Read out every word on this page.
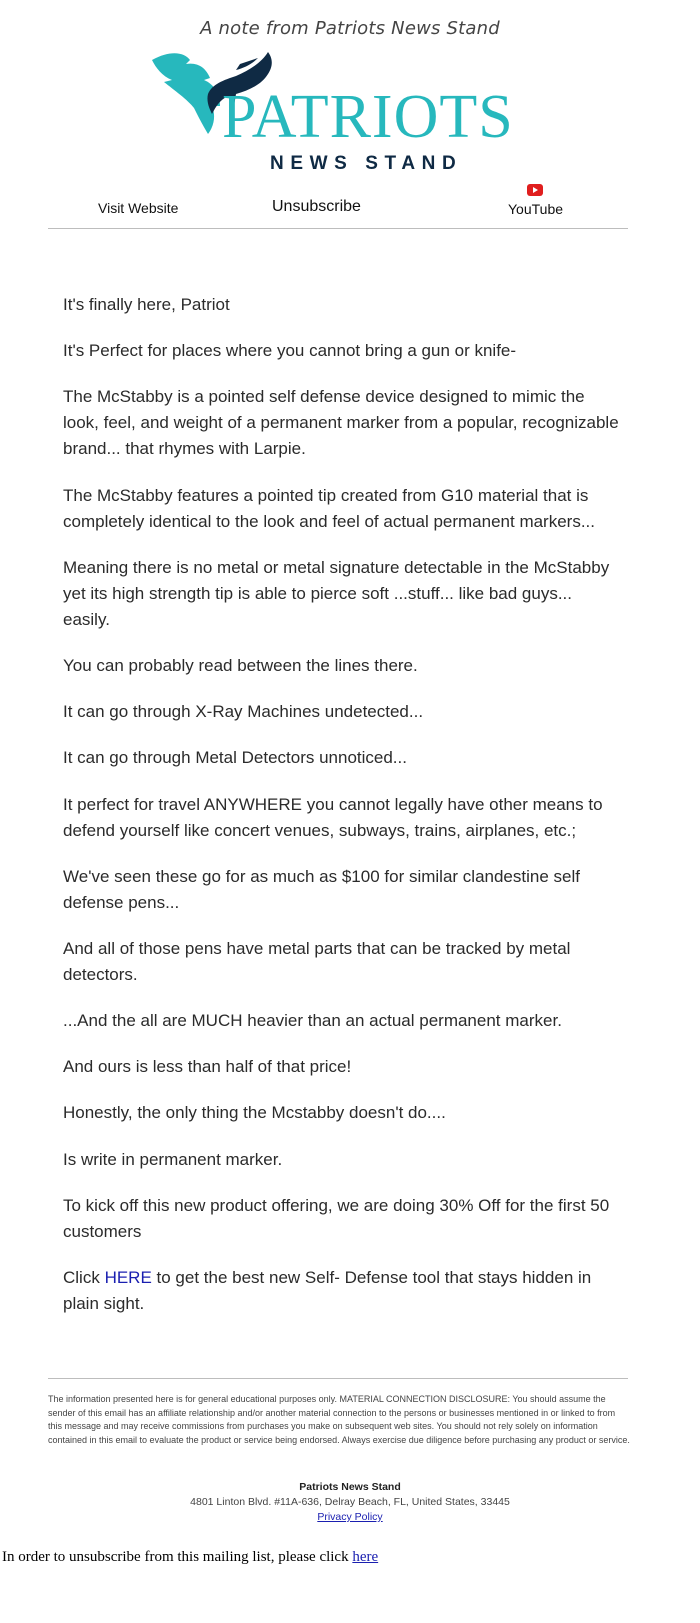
A note from Patriots News Stand
PATRIOTS
NEWS STAND
Visit Website	Unsubscribe	YouTube

It's finally here, Patriot

It's Perfect for places where you cannot bring a gun or knife-

The McStabby is a pointed self defense device designed to mimic the look, feel, and weight of a permanent marker from a popular, recognizable brand... that rhymes with Larpie.

The McStabby features a pointed tip created from G10 material that is completely identical to the look and feel of actual permanent markers...

Meaning there is no metal or metal signature detectable in the McStabby yet its high strength tip is able to pierce soft ...stuff... like bad guys... easily.

You can probably read between the lines there.

It can go through X-Ray Machines undetected...

It can go through Metal Detectors unnoticed...

It perfect for travel ANYWHERE you cannot legally have other means to defend yourself like concert venues, subways, trains, airplanes, etc.;

We've seen these go for as much as $100 for similar clandestine self defense pens...

And all of those pens have metal parts that can be tracked by metal detectors.

...And the all are MUCH heavier than an actual permanent marker.

And ours is less than half of that price!

Honestly, the only thing the Mcstabby doesn't do....

Is write in permanent marker.

To kick off this new product offering, we are doing 30% Off for the first 50 customers

Click HERE to get the best new Self- Defense tool that stays hidden in plain sight.

The information presented here is for general educational purposes only. MATERIAL CONNECTION DISCLOSURE: You should assume the sender of this email has an affiliate relationship and/or another material connection to the persons or businesses mentioned in or linked to from this message and may receive commissions from purchases you make on subsequent web sites. You should not rely solely on information contained in this email to evaluate the product or service being endorsed. Always exercise due diligence before purchasing any product or service.
Patriots News Stand
4801 Linton Blvd. #11A-636, Delray Beach, FL, United States, 33445
Privacy Policy
In order to unsubscribe from this mailing list, please click here
